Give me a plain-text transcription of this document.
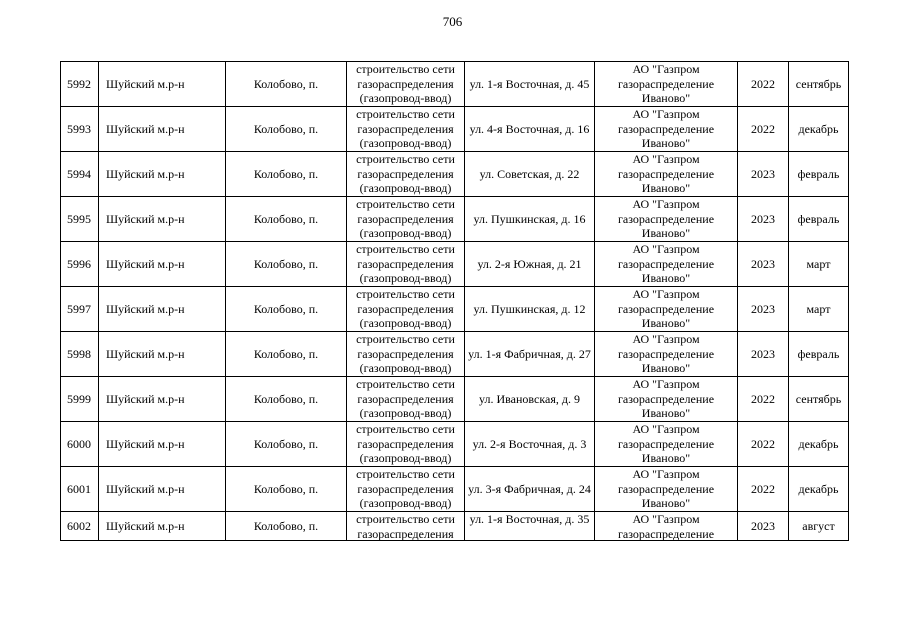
706
5992	Шуйский м.р-н	Колобово, п.	строительство сети газораспределения (газопровод-ввод)	ул. 1-я Восточная, д. 45	АО "Газпром газораспределение Иваново"	2022	сентябрь
5993	Шуйский м.р-н	Колобово, п.	строительство сети газораспределения (газопровод-ввод)	ул. 4-я Восточная, д. 16	АО "Газпром газораспределение Иваново"	2022	декабрь
5994	Шуйский м.р-н	Колобово, п.	строительство сети газораспределения (газопровод-ввод)	ул. Советская, д. 22	АО "Газпром газораспределение Иваново"	2023	февраль
5995	Шуйский м.р-н	Колобово, п.	строительство сети газораспределения (газопровод-ввод)	ул. Пушкинская, д. 16	АО "Газпром газораспределение Иваново"	2023	февраль
5996	Шуйский м.р-н	Колобово, п.	строительство сети газораспределения (газопровод-ввод)	ул. 2-я Южная, д. 21	АО "Газпром газораспределение Иваново"	2023	март
5997	Шуйский м.р-н	Колобово, п.	строительство сети газораспределения (газопровод-ввод)	ул. Пушкинская, д. 12	АО "Газпром газораспределение Иваново"	2023	март
5998	Шуйский м.р-н	Колобово, п.	строительство сети газораспределения (газопровод-ввод)	ул. 1-я Фабричная, д. 27	АО "Газпром газораспределение Иваново"	2023	февраль
5999	Шуйский м.р-н	Колобово, п.	строительство сети газораспределения (газопровод-ввод)	ул. Ивановская, д. 9	АО "Газпром газораспределение Иваново"	2022	сентябрь
6000	Шуйский м.р-н	Колобово, п.	строительство сети газораспределения (газопровод-ввод)	ул. 2-я Восточная, д. 3	АО "Газпром газораспределение Иваново"	2022	декабрь
6001	Шуйский м.р-н	Колобово, п.	строительство сети газораспределения (газопровод-ввод)	ул. 3-я Фабричная, д. 24	АО "Газпром газораспределение Иваново"	2022	декабрь
6002	Шуйский м.р-н	Колобово, п.	строительство сети газораспределения	ул. 1-я Восточная, д. 35	АО "Газпром газораспределение	2023	август
